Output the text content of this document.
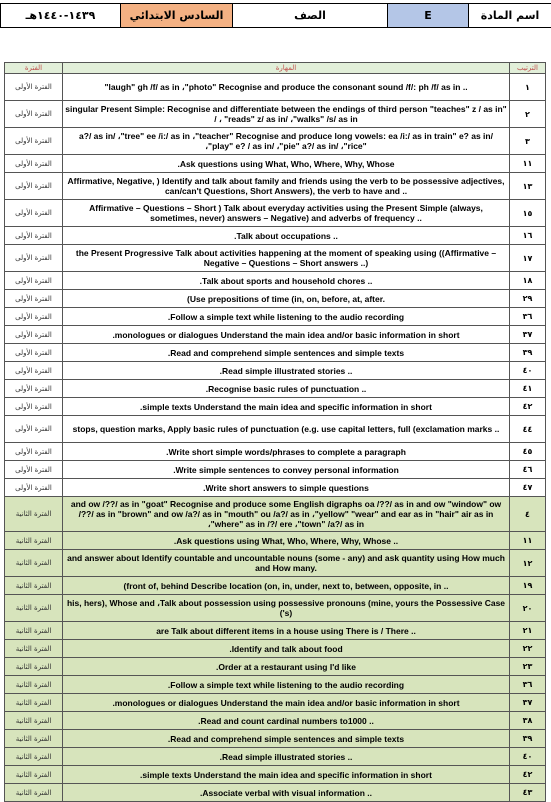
اسم المادة	E	الصف	السادس الابتدائي	١٤٣٩-١٤٤٠هـ
الترتيب	المهارة	الفترة
١	"laugh" gh /f/ as in ،"photo" Recognise and produce the consonant sound /f/: ph /f/ as in ..	الفترة الأولى
٢	singular Present Simple: Recognise and differentiate between the endings of third person "teaches" z / as in" / ، "reads" z/ as in/ ،"walks" /s/ as in	الفترة الأولى
٣	a?/ as in/ ،"tree" ee /i:/ as in ،"teacher" Recognise and produce long vowels: ea /i:/ as in train" e? as in/ ،"play" e? / as in/ ،"pie" a?/ as in/ ،"rice"	الفترة الأولى
١١	.Ask questions using What, Who, Where, Why, Whose	الفترة الأولى
١٣	Affirmative, Negative, ) Identify and talk about family and friends using the verb to be possessive adjectives, can/can't Questions, Short Answers), the verb to have and ..	الفترة الأولى
١٥	Affirmative – Questions – Short ) Talk about everyday activities using the Present Simple (always, sometimes, never) answers – Negative) and adverbs of frequency ..	الفترة الأولى
١٦	.Talk about occupations ..	الفترة الأولى
١٧	the Present Progressive Talk about activities happening at the moment of speaking using ((Affirmative – Negative – Questions – Short answers ..)	الفترة الأولى
١٨	.Talk about sports and household chores ..	الفترة الأولى
٢٩	(Use prepositions of time (in, on, before, at, after.	الفترة الأولى
٣٦	.Follow a simple text while listening to the audio recording	الفترة الأولى
٣٧	.monologues or dialogues Understand the main idea and/or basic information in short	الفترة الأولى
٣٩	.Read and comprehend simple sentences and simple texts	الفترة الأولى
٤٠	.Read simple illustrated stories ..	الفترة الأولى
٤١	.Recognise basic rules of punctuation ..	الفترة الأولى
٤٢	.simple texts Understand the main idea and specific information in short	الفترة الأولى
٤٤	stops, question marks, Apply basic rules of punctuation (e.g. use capital letters, full (exclamation marks ..	الفترة الأولى
٤٥	.Write short simple words/phrases to complete a paragraph	الفترة الأولى
٤٦	.Write simple sentences to convey personal information	الفترة الأولى
٤٧	.Write short answers to simple questions	الفترة الأولى
٤	and ow /??/ as in "goat" Recognise and produce some English digraphs oa /??/ as in and ow "window" ow /??/ as in "brown" and ow /a?/ as in "mouth" ou /a?/ as in ،"yellow" "wear" and ear as in "hair" air as in ،"where" as in /?/ ere ،"town" /a?/ as in	الفترة الثانية
١١	.Ask questions using What, Who, Where, Why, Whose ..	الفترة الثانية
١٢	and answer about Identify countable and uncountable nouns (some - any) and ask quantity using How much and How many.	الفترة الثانية
١٩	(front of, behind Describe location (on, in, under, next to, between, opposite, in ..	الفترة الثانية
٢٠	his, hers), Whose and ،Talk about possession using possessive pronouns (mine, yours the Possessive Case ('s)	الفترة الثانية
٢١	are Talk about different items in a house using There is / There ..	الفترة الثانية
٢٢	.Identify and talk about food	الفترة الثانية
٢٣	.Order at a restaurant using I'd like	الفترة الثانية
٣٦	.Follow a simple text while listening to the audio recording	الفترة الثانية
٣٧	.monologues or dialogues Understand the main idea and/or basic information in short	الفترة الثانية
٣٨	.Read and count cardinal numbers to1000 ..	الفترة الثانية
٣٩	.Read and comprehend simple sentences and simple texts	الفترة الثانية
٤٠	.Read simple illustrated stories ..	الفترة الثانية
٤٢	.simple texts Understand the main idea and specific information in short	الفترة الثانية
٤٣	.Associate verbal with visual information ..	الفترة الثانية
